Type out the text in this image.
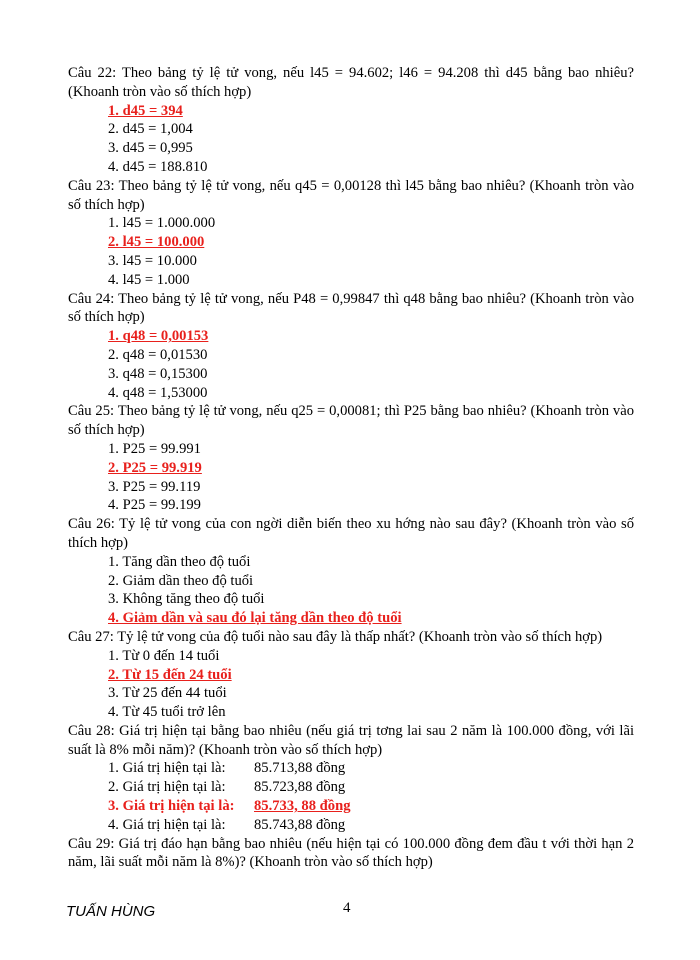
Câu 22: Theo bảng tỷ lệ tử vong, nếu l45 = 94.602; l46 = 94.208 thì d45 bằng bao nhiêu? (Khoanh tròn vào số thích hợp)
1. d45 = 394
2. d45 = 1,004
3. d45 = 0,995
4. d45 = 188.810
Câu 23: Theo bảng tỷ lệ tử vong, nếu q45 = 0,00128 thì l45 bằng bao nhiêu? (Khoanh tròn vào số thích hợp)
1. l45 = 1.000.000
2. l45 = 100.000
3. l45 = 10.000
4. l45 = 1.000
Câu 24: Theo bảng tỷ lệ tử vong, nếu P48 = 0,99847 thì q48 bằng bao nhiêu? (Khoanh tròn vào số thích hợp)
1. q48 = 0,00153
2. q48 = 0,01530
3. q48 = 0,15300
4. q48 = 1,53000
Câu 25: Theo bảng tỷ lệ tử vong, nếu q25 = 0,00081; thì P25 bằng bao nhiêu? (Khoanh tròn vào số thích hợp)
1. P25 = 99.991
2. P25 = 99.919
3. P25 = 99.119
4. P25 = 99.199
Câu 26: Tỷ lệ tử vong của con ngời diễn biến theo xu hớng nào sau đây? (Khoanh tròn vào số thích hợp)
1. Tăng dần theo độ tuổi
2. Giảm dần theo độ tuổi
3. Không tăng theo độ tuổi
4. Giảm dần và sau đó lại tăng dần theo độ tuổi
Câu 27: Tỷ lệ tử vong của độ tuổi nào sau đây là thấp nhất? (Khoanh tròn vào số thích hợp)
1. Từ 0 đến 14 tuổi
2. Từ 15 đến 24 tuổi
3. Từ 25 đến 44 tuổi
4. Từ 45 tuổi trở lên
Câu 28: Giá trị hiện tại bằng bao nhiêu (nếu giá trị tơng lai sau 2 năm là 100.000 đồng, với lãi suất là 8% mỗi năm)? (Khoanh tròn vào số thích hợp)
1. Giá trị hiện tại là: 85.713,88 đồng
2. Giá trị hiện tại là: 85.723,88 đồng
3. Giá trị hiện tại là: 85.733, 88 đồng
4. Giá trị hiện tại là: 85.743,88 đồng
Câu 29: Giá trị đáo hạn bằng bao nhiêu (nếu hiện tại có 100.000 đồng đem đầu t với thời hạn 2 năm, lãi suất mỗi năm là 8%)? (Khoanh tròn vào số thích hợp)
TUẤN HÙNG	4
